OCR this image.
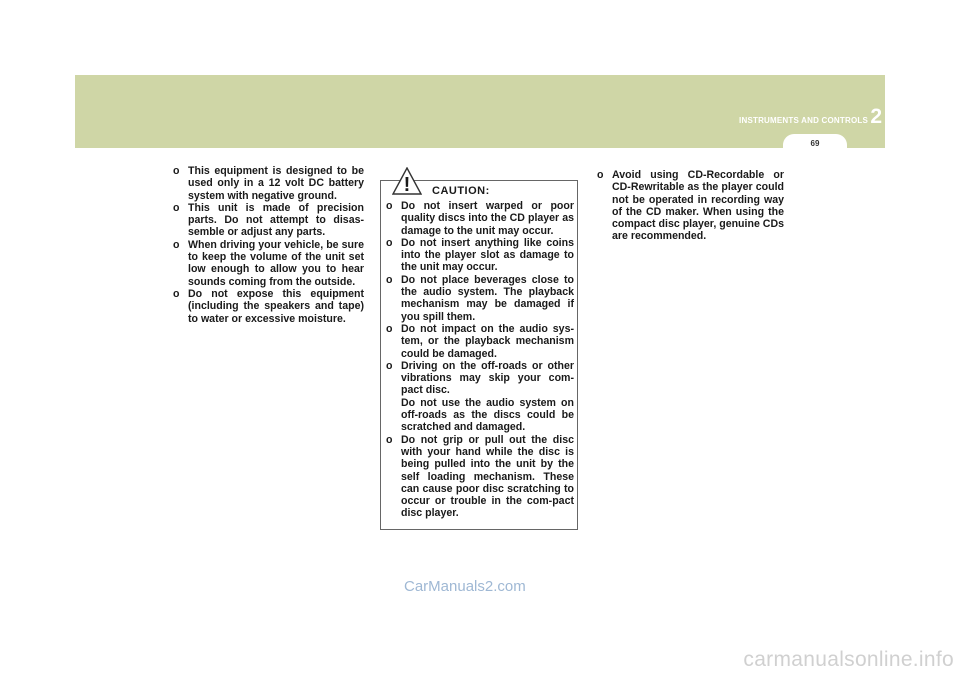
INSTRUMENTS AND CONTROLS 2
69
o This equipment is designed to be used only in a 12 volt DC battery system with negative ground.
o This unit is made of precision parts. Do not attempt to disas-semble or adjust any parts.
o When driving your vehicle, be sure to keep the volume of the unit set low enough to allow you to hear sounds coming from the outside.
o Do not expose this equipment (including the speakers and tape) to water or excessive moisture.
! CAUTION:
o Do not insert warped or poor quality discs into the CD player as damage to the unit may occur.
o Do not insert anything like coins into the player slot as damage to the unit may occur.
o Do not place beverages close to the audio system. The playback mechanism may be damaged if you spill them.
o Do not impact on the audio sys-tem, or the playback mechanism could be damaged.
o Driving on the off-roads or other vibrations may skip your com-pact disc.
Do not use the audio system on off-roads as the discs could be scratched and damaged.
o Do not grip or pull out the disc with your hand while the disc is being pulled into the unit by the self loading mechanism. These can cause poor disc scratching to occur or trouble in the com-pact disc player.
o Avoid using CD-Recordable or CD-Rewritable as the player could not be operated in recording way of the CD maker. When using the compact disc player, genuine CDs are recommended.
CarManuals2.com
carmanualsonline.info
